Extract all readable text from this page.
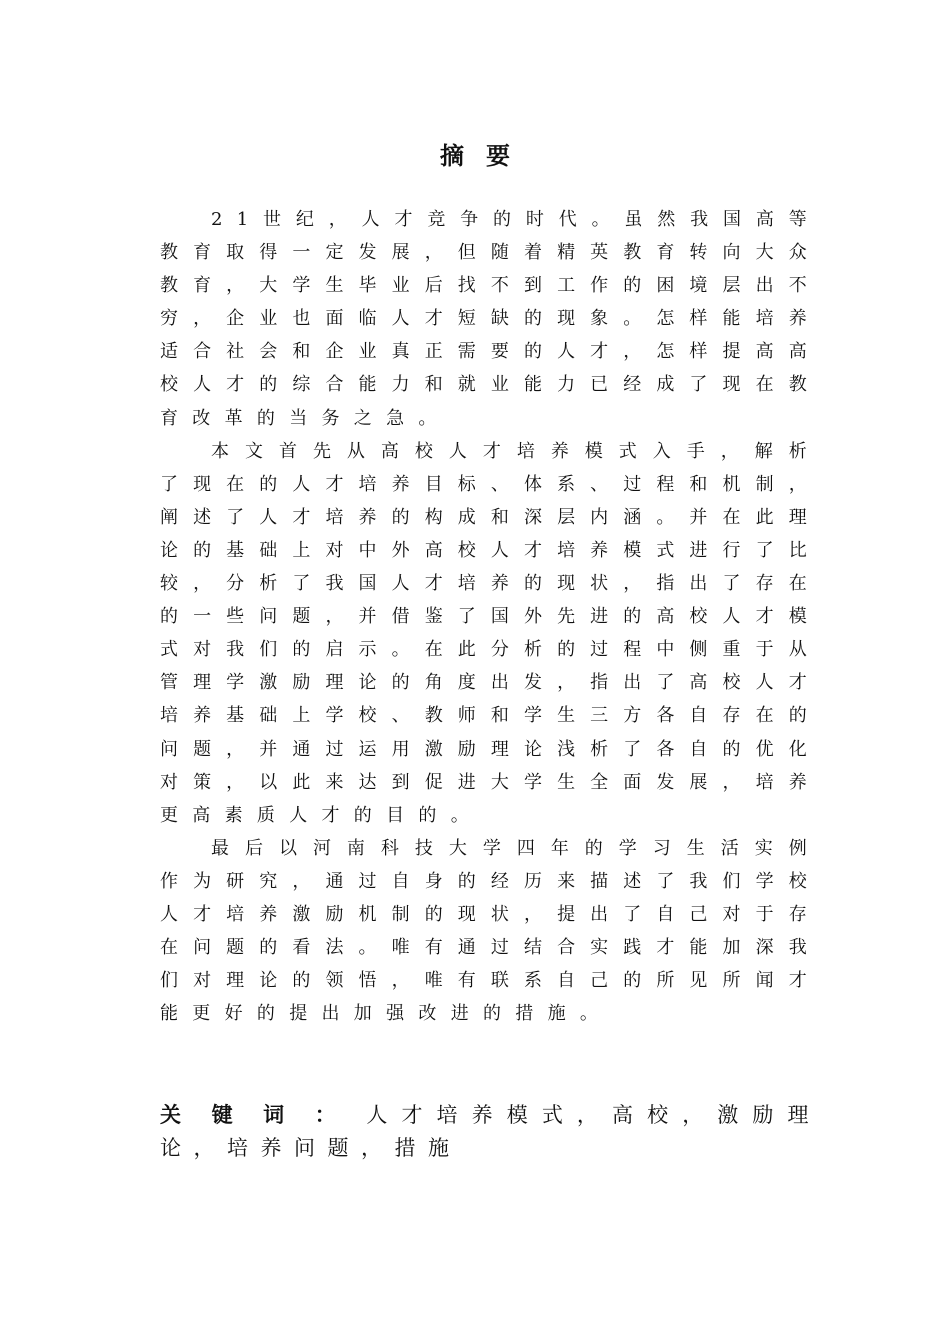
摘要

21世纪，人才竞争的时代。虽然我国高等教育取得一定发展，但随着精英教育转向大众教育，大学生毕业后找不到工作的困境层出不穷，企业也面临人才短缺的现象。怎样能培养适合社会和企业真正需要的人才，怎样提高高校人才的综合能力和就业能力已经成了现在教育改革的当务之急。

本文首先从高校人才培养模式入手，解析了现在的人才培养目标、体系、过程和机制，阐述了人才培养的构成和深层内涵。并在此理论的基础上对中外高校人才培养模式进行了比较，分析了我国人才培养的现状，指出了存在的一些问题，并借鉴了国外先进的高校人才模式对我们的启示。在此分析的过程中侧重于从管理学激励理论的角度出发，指出了高校人才培养基础上学校、教师和学生三方各自存在的问题，并通过运用激励理论浅析了各自的优化对策，以此来达到促进大学生全面发展，培养更高素质人才的目的。

最后以河南科技大学四年的学习生活实例作为研究，通过自身的经历来描述了我们学校人才培养激励机制的现状，提出了自己对于存在问题的看法。唯有通过结合实践才能加深我们对理论的领悟，唯有联系自己的所见所闻才能更好的提出加强改进的措施。

关键词：人才培养模式，高校，激励理论，培养问题，措施
